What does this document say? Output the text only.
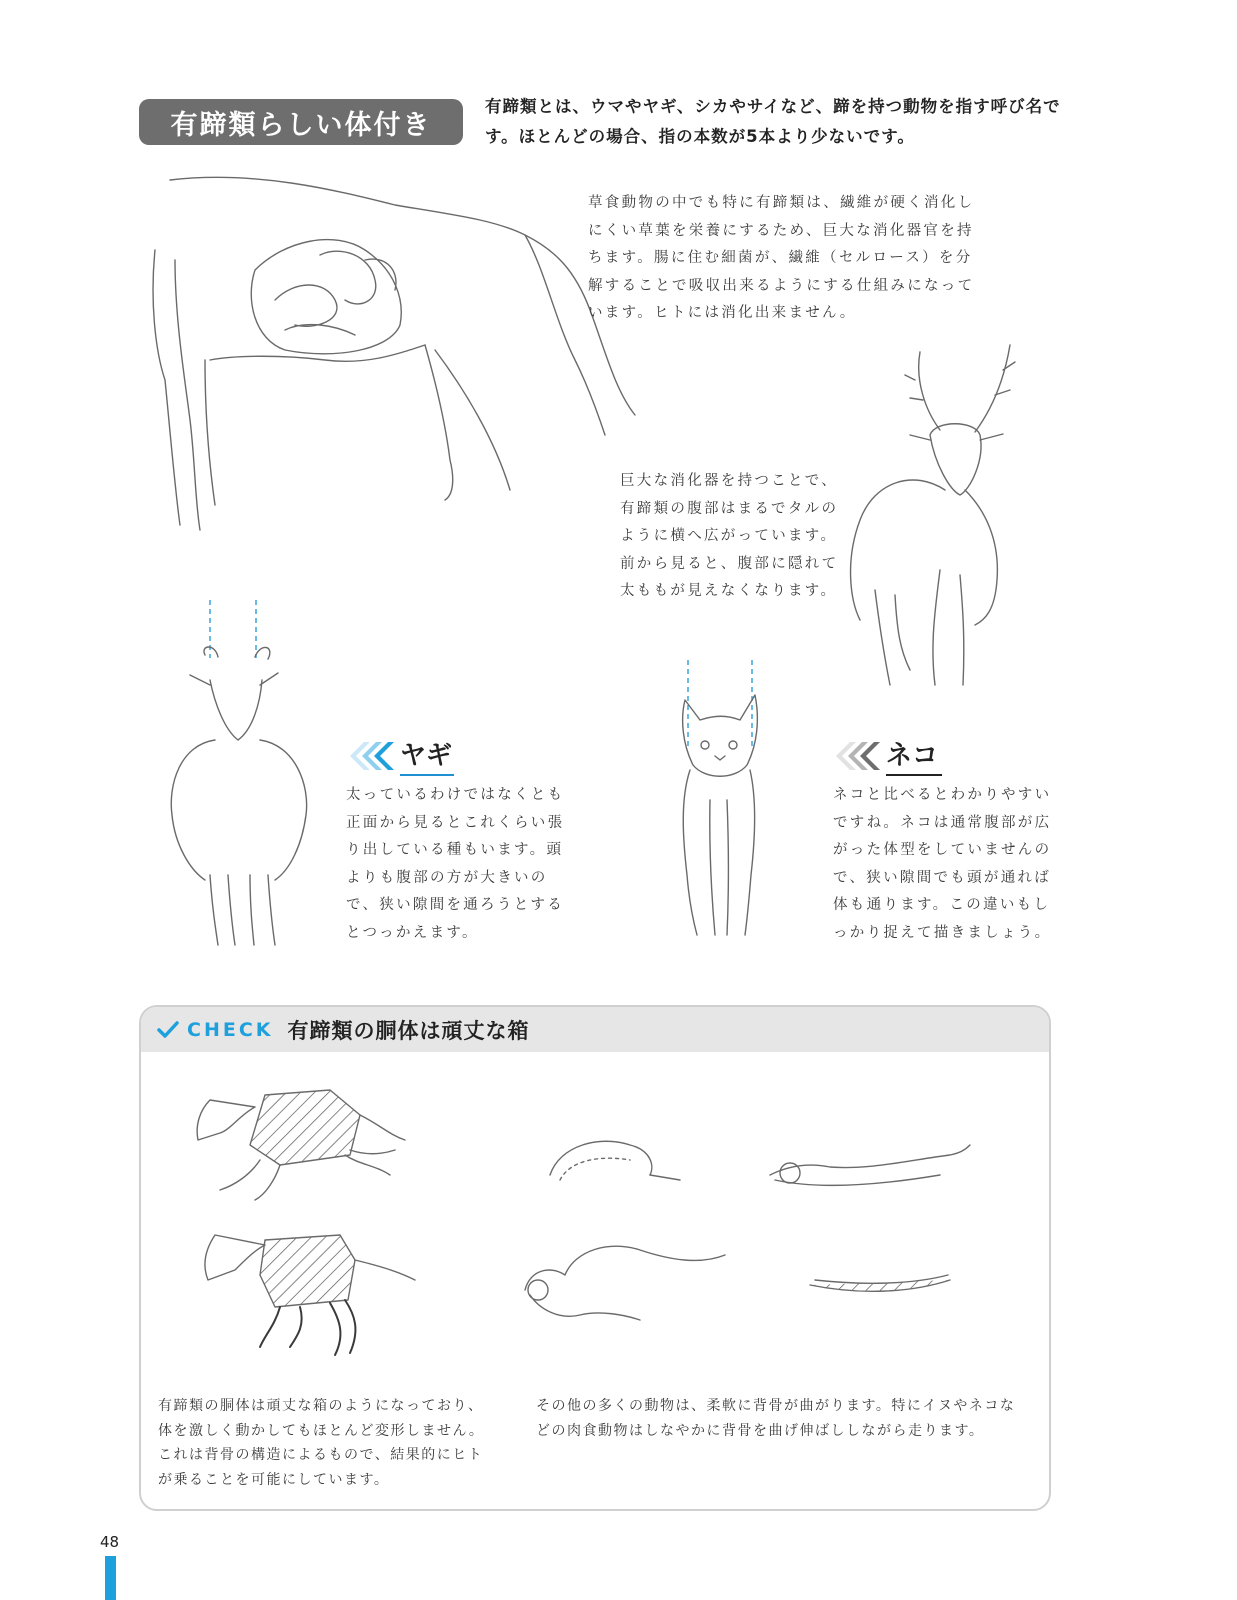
有蹄類らしい体付き
有蹄類とは、ウマやヤギ、シカやサイなど、蹄を持つ動物を指す呼び名です。ほとんどの場合、指の本数が5本より少ないです。
草食動物の中でも特に有蹄類は、繊維が硬く消化しにくい草葉を栄養にするため、巨大な消化器官を持ちます。腸に住む細菌が、繊維（セルロース）を分解することで吸収出来るようにする仕組みになっています。ヒトには消化出来ません。
巨大な消化器を持つことで、有蹄類の腹部はまるでタルのように横へ広がっています。前から見ると、腹部に隠れて太ももが見えなくなります。
ヤギ
太っているわけではなくとも正面から見るとこれくらい張り出している種もいます。頭よりも腹部の方が大きいので、狭い隙間を通ろうとするとつっかえます。
ネコ
ネコと比べるとわかりやすいですね。ネコは通常腹部が広がった体型をしていませんので、狭い隙間でも頭が通れば体も通ります。この違いもしっかり捉えて描きましょう。
CHECK 有蹄類の胴体は頑丈な箱
有蹄類の胴体は頑丈な箱のようになっており、体を激しく動かしてもほとんど変形しません。これは背骨の構造によるもので、結果的にヒトが乗ることを可能にしています。
その他の多くの動物は、柔軟に背骨が曲がります。特にイヌやネコなどの肉食動物はしなやかに背骨を曲げ伸ばししながら走ります。
48
